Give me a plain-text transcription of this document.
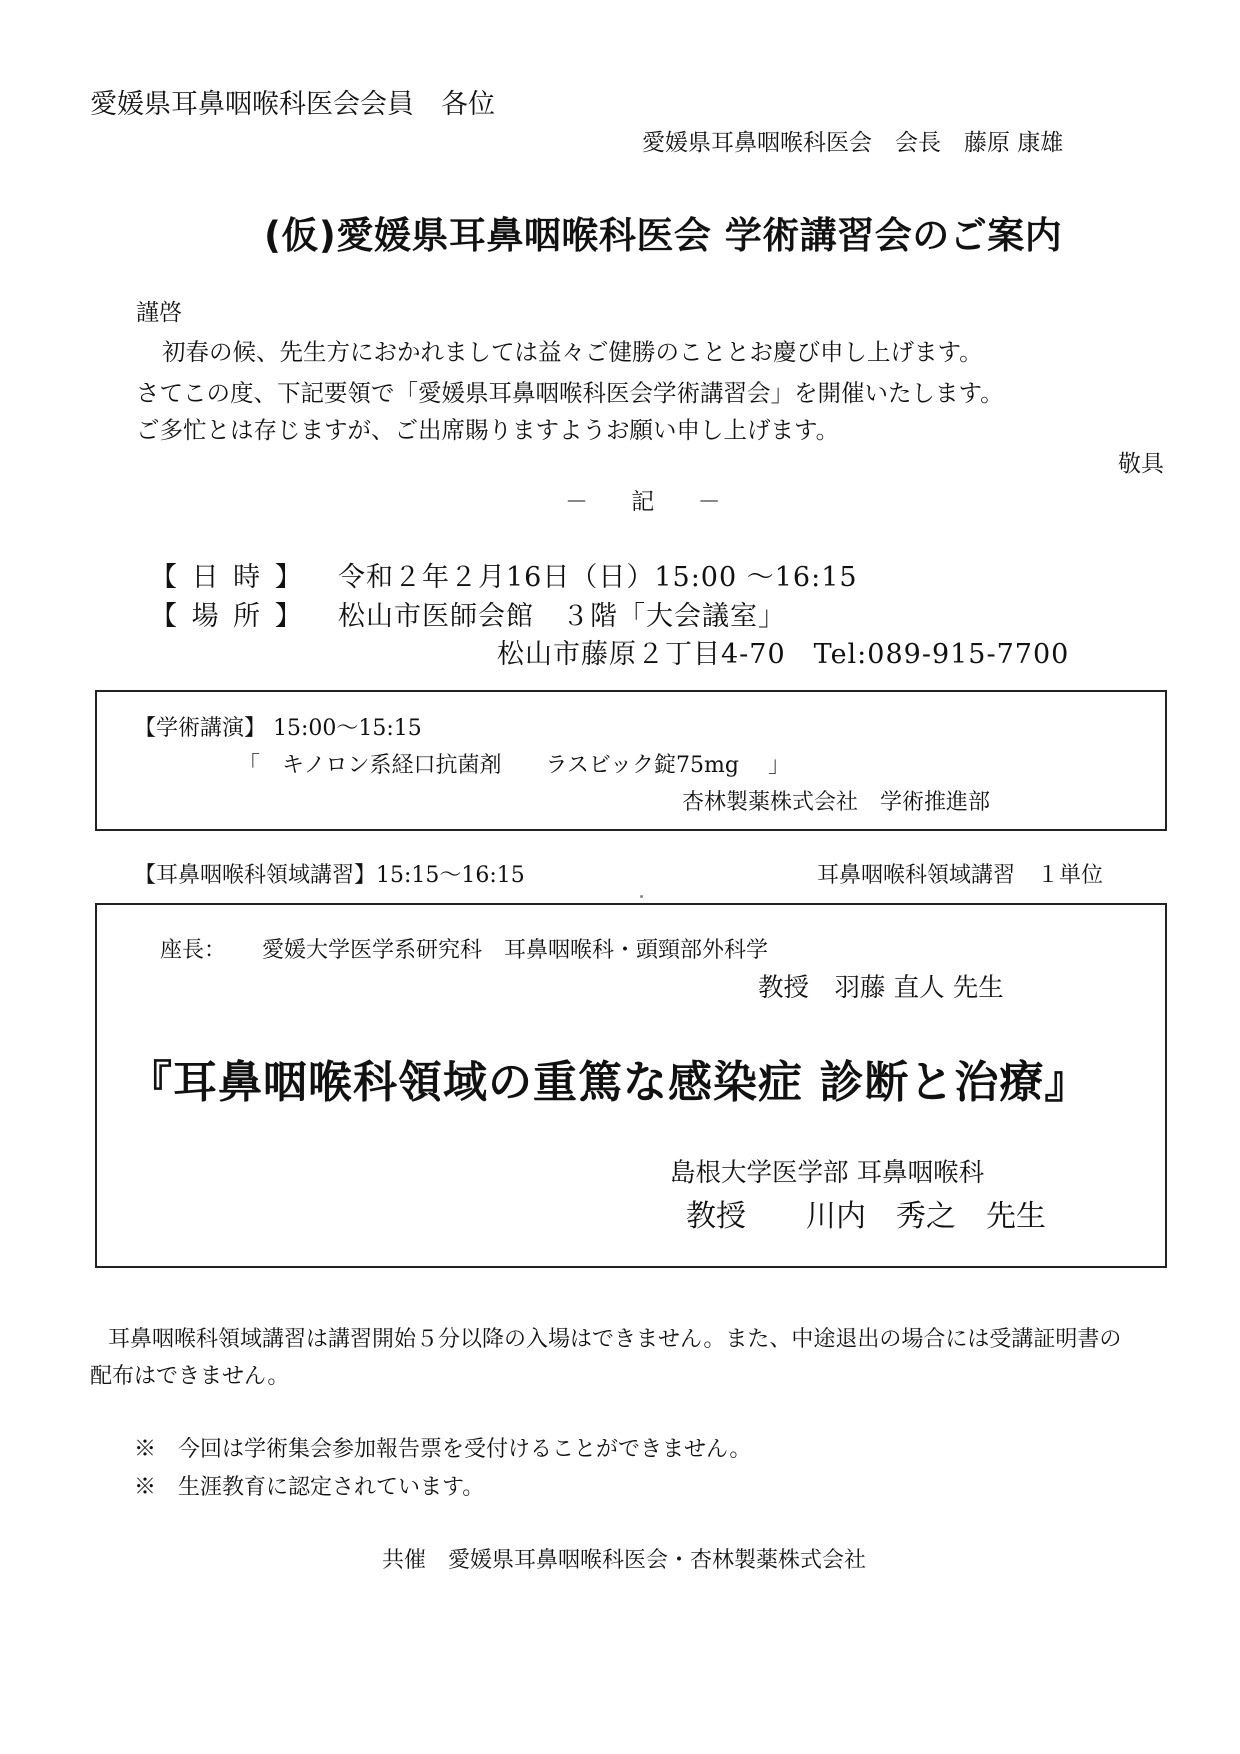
愛媛県耳鼻咽喉科医会会員　各位
愛媛県耳鼻咽喉科医会　会長　藤原 康雄
(仮)愛媛県耳鼻咽喉科医会 学術講習会のご案内
謹啓
初春の候、先生方におかれましては益々ご健勝のこととお慶び申し上げます。
さてこの度、下記要領で「愛媛県耳鼻咽喉科医会学術講習会」を開催いたします。
ご多忙とは存じますが、ご出席賜りますようお願い申し上げます。
敬具
－ 記 －
【 日 時 】 令和２年２月16日（日）15:00 ～16:15
【 場 所 】 松山市医師会館　３階「大会議室」
松山市藤原２丁目4-70　Tel:089-915-7700
【学術講演】 15:00～15:15
「　キノロン系経口抗菌剤　　ラスビック錠75mg　 」
杏林製薬株式会社　学術推進部
【耳鼻咽喉科領域講習】15:15～16:15	耳鼻咽喉科領域講習　１単位
座長： 愛媛大学医学系研究科　耳鼻咽喉科・頭頸部外科学
教授　羽藤 直人 先生
『耳鼻咽喉科領域の重篤な感染症 診断と治療』
島根大学医学部 耳鼻咽喉科
教授　　川内　秀之　先生
耳鼻咽喉科領域講習は講習開始５分以降の入場はできません。また、中途退出の場合には受講証明書の
配布はできません。
※　今回は学術集会参加報告票を受付けることができません。
※　生涯教育に認定されています。
共催　愛媛県耳鼻咽喉科医会・杏林製薬株式会社
